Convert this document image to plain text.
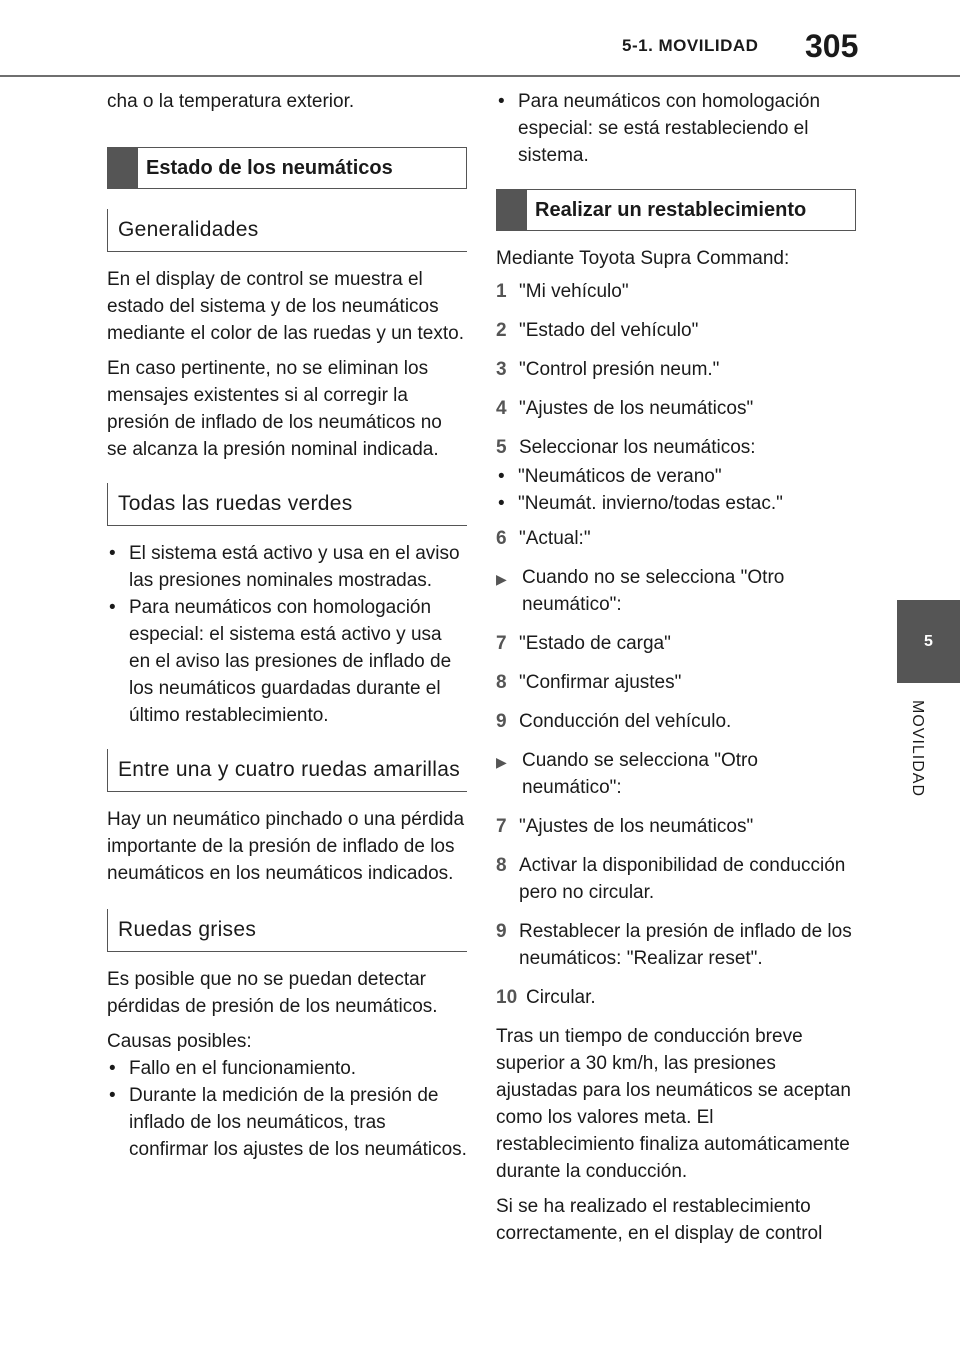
5-1. MOVILIDAD 305
5
MOVILIDAD

cha o la temperatura exterior.

Estado de los neumáticos
Generalidades

En el display de control se muestra el estado del sistema y de los neumáticos mediante el color de las ruedas y un texto.

En caso pertinente, no se eliminan los mensajes existentes si al corregir la presión de inflado de los neumáticos no se alcanza la presión nominal indicada.

Todas las ruedas verdes
• El sistema está activo y usa en el aviso las presiones nominales mostradas.
• Para neumáticos con homologación especial: el sistema está activo y usa en el aviso las presiones de inflado de los neumáticos guardadas durante el último restablecimiento.
Entre una y cuatro ruedas amarillas

Hay un neumático pinchado o una pérdida importante de la presión de inflado de los neumáticos en los neumáticos indicados.

Ruedas grises

Es posible que no se puedan detectar pérdidas de presión de los neumáticos.

Causas posibles:

• Fallo en el funcionamiento.
• Durante la medición de la presión de inflado de los neumáticos, tras confirmar los ajustes de los neumáticos.
• Para neumáticos con homologación especial: se está restableciendo el sistema.
Realizar un restablecimiento

Mediante Toyota Supra Command:

1 "Mi vehículo"
2 "Estado del vehículo"
3 "Control presión neum."
4 "Ajustes de los neumáticos"
5 Seleccionar los neumáticos:
• "Neumáticos de verano"
• "Neumát. invierno/todas estac."
6 "Actual:"
▶ Cuando no se selecciona "Otro neumático":
7 "Estado de carga"
8 "Confirmar ajustes"
9 Conducción del vehículo.
▶ Cuando se selecciona "Otro neumático":
7 "Ajustes de los neumáticos"
8 Activar la disponibilidad de conducción pero no circular.
9 Restablecer la presión de inflado de los neumáticos: "Realizar reset".
10 Circular.

Tras un tiempo de conducción breve superior a 30 km/h, las presiones ajustadas para los neumáticos se aceptan como los valores meta. El restablecimiento finaliza automáticamente durante la conducción.

Si se ha realizado el restablecimiento correctamente, en el display de control
